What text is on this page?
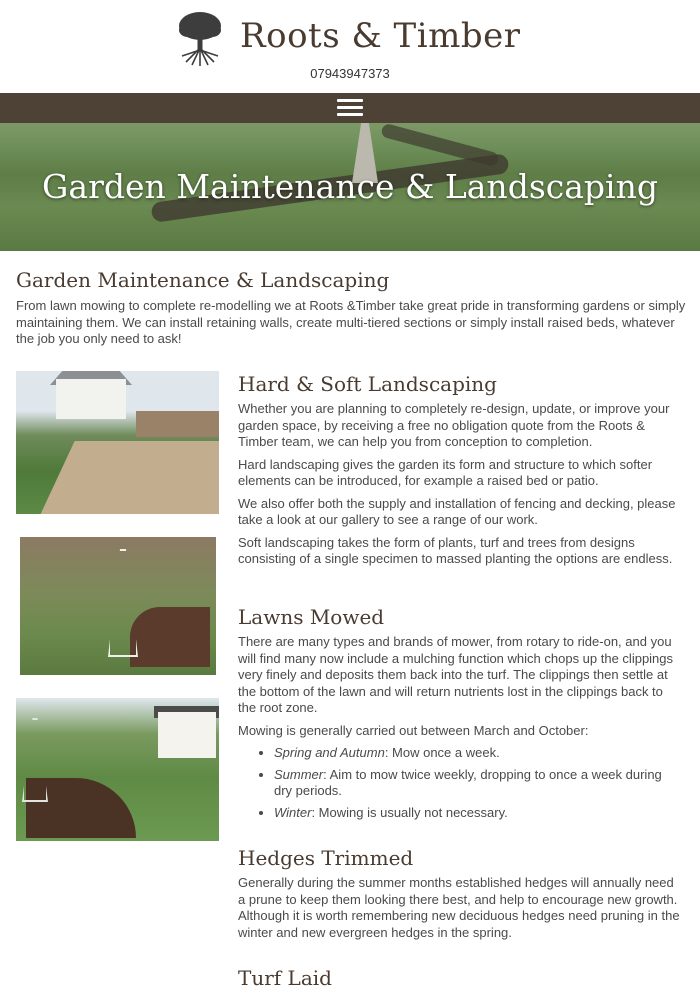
Roots & Timber
07943947373
Garden Maintenance & Landscaping
Garden Maintenance & Landscaping

From lawn mowing to complete re-modelling we at Roots &Timber take great pride in transforming gardens or simply maintaining them. We can install retaining walls, create multi-tiered sections or simply install raised beds, whatever the job you only need to ask!

Hard & Soft Landscaping

Whether you are planning to completely re-design, update, or improve your garden space, by receiving a free no obligation quote from the Roots & Timber team, we can help you from conception to completion.

Hard landscaping gives the garden its form and structure to which softer elements can be introduced, for example a raised bed or patio.

We also offer both the supply and installation of fencing and decking, please take a look at our gallery to see a range of our work.

Soft landscaping takes the form of plants, turf and trees from designs consisting of a single specimen to massed planting the options are endless.

Lawns Mowed

There are many types and brands of mower, from rotary to ride-on, and you will find many now include a mulching function which chops up the clippings very finely and deposits them back into the turf. The clippings then settle at the bottom of the lawn and will return nutrients lost in the clippings back to the root zone.

Mowing is generally carried out between March and October:

• Spring and Autumn: Mow once a week.
• Summer: Aim to mow twice weekly, dropping to once a week during dry periods.
• Winter: Mowing is usually not necessary.
Hedges Trimmed

Generally during the summer months established hedges will annually need a prune to keep them looking there best, and help to encourage new growth. Although it is worth remembering new deciduous hedges need pruning in the winter and new evergreen hedges in the spring.

Turf Laid
